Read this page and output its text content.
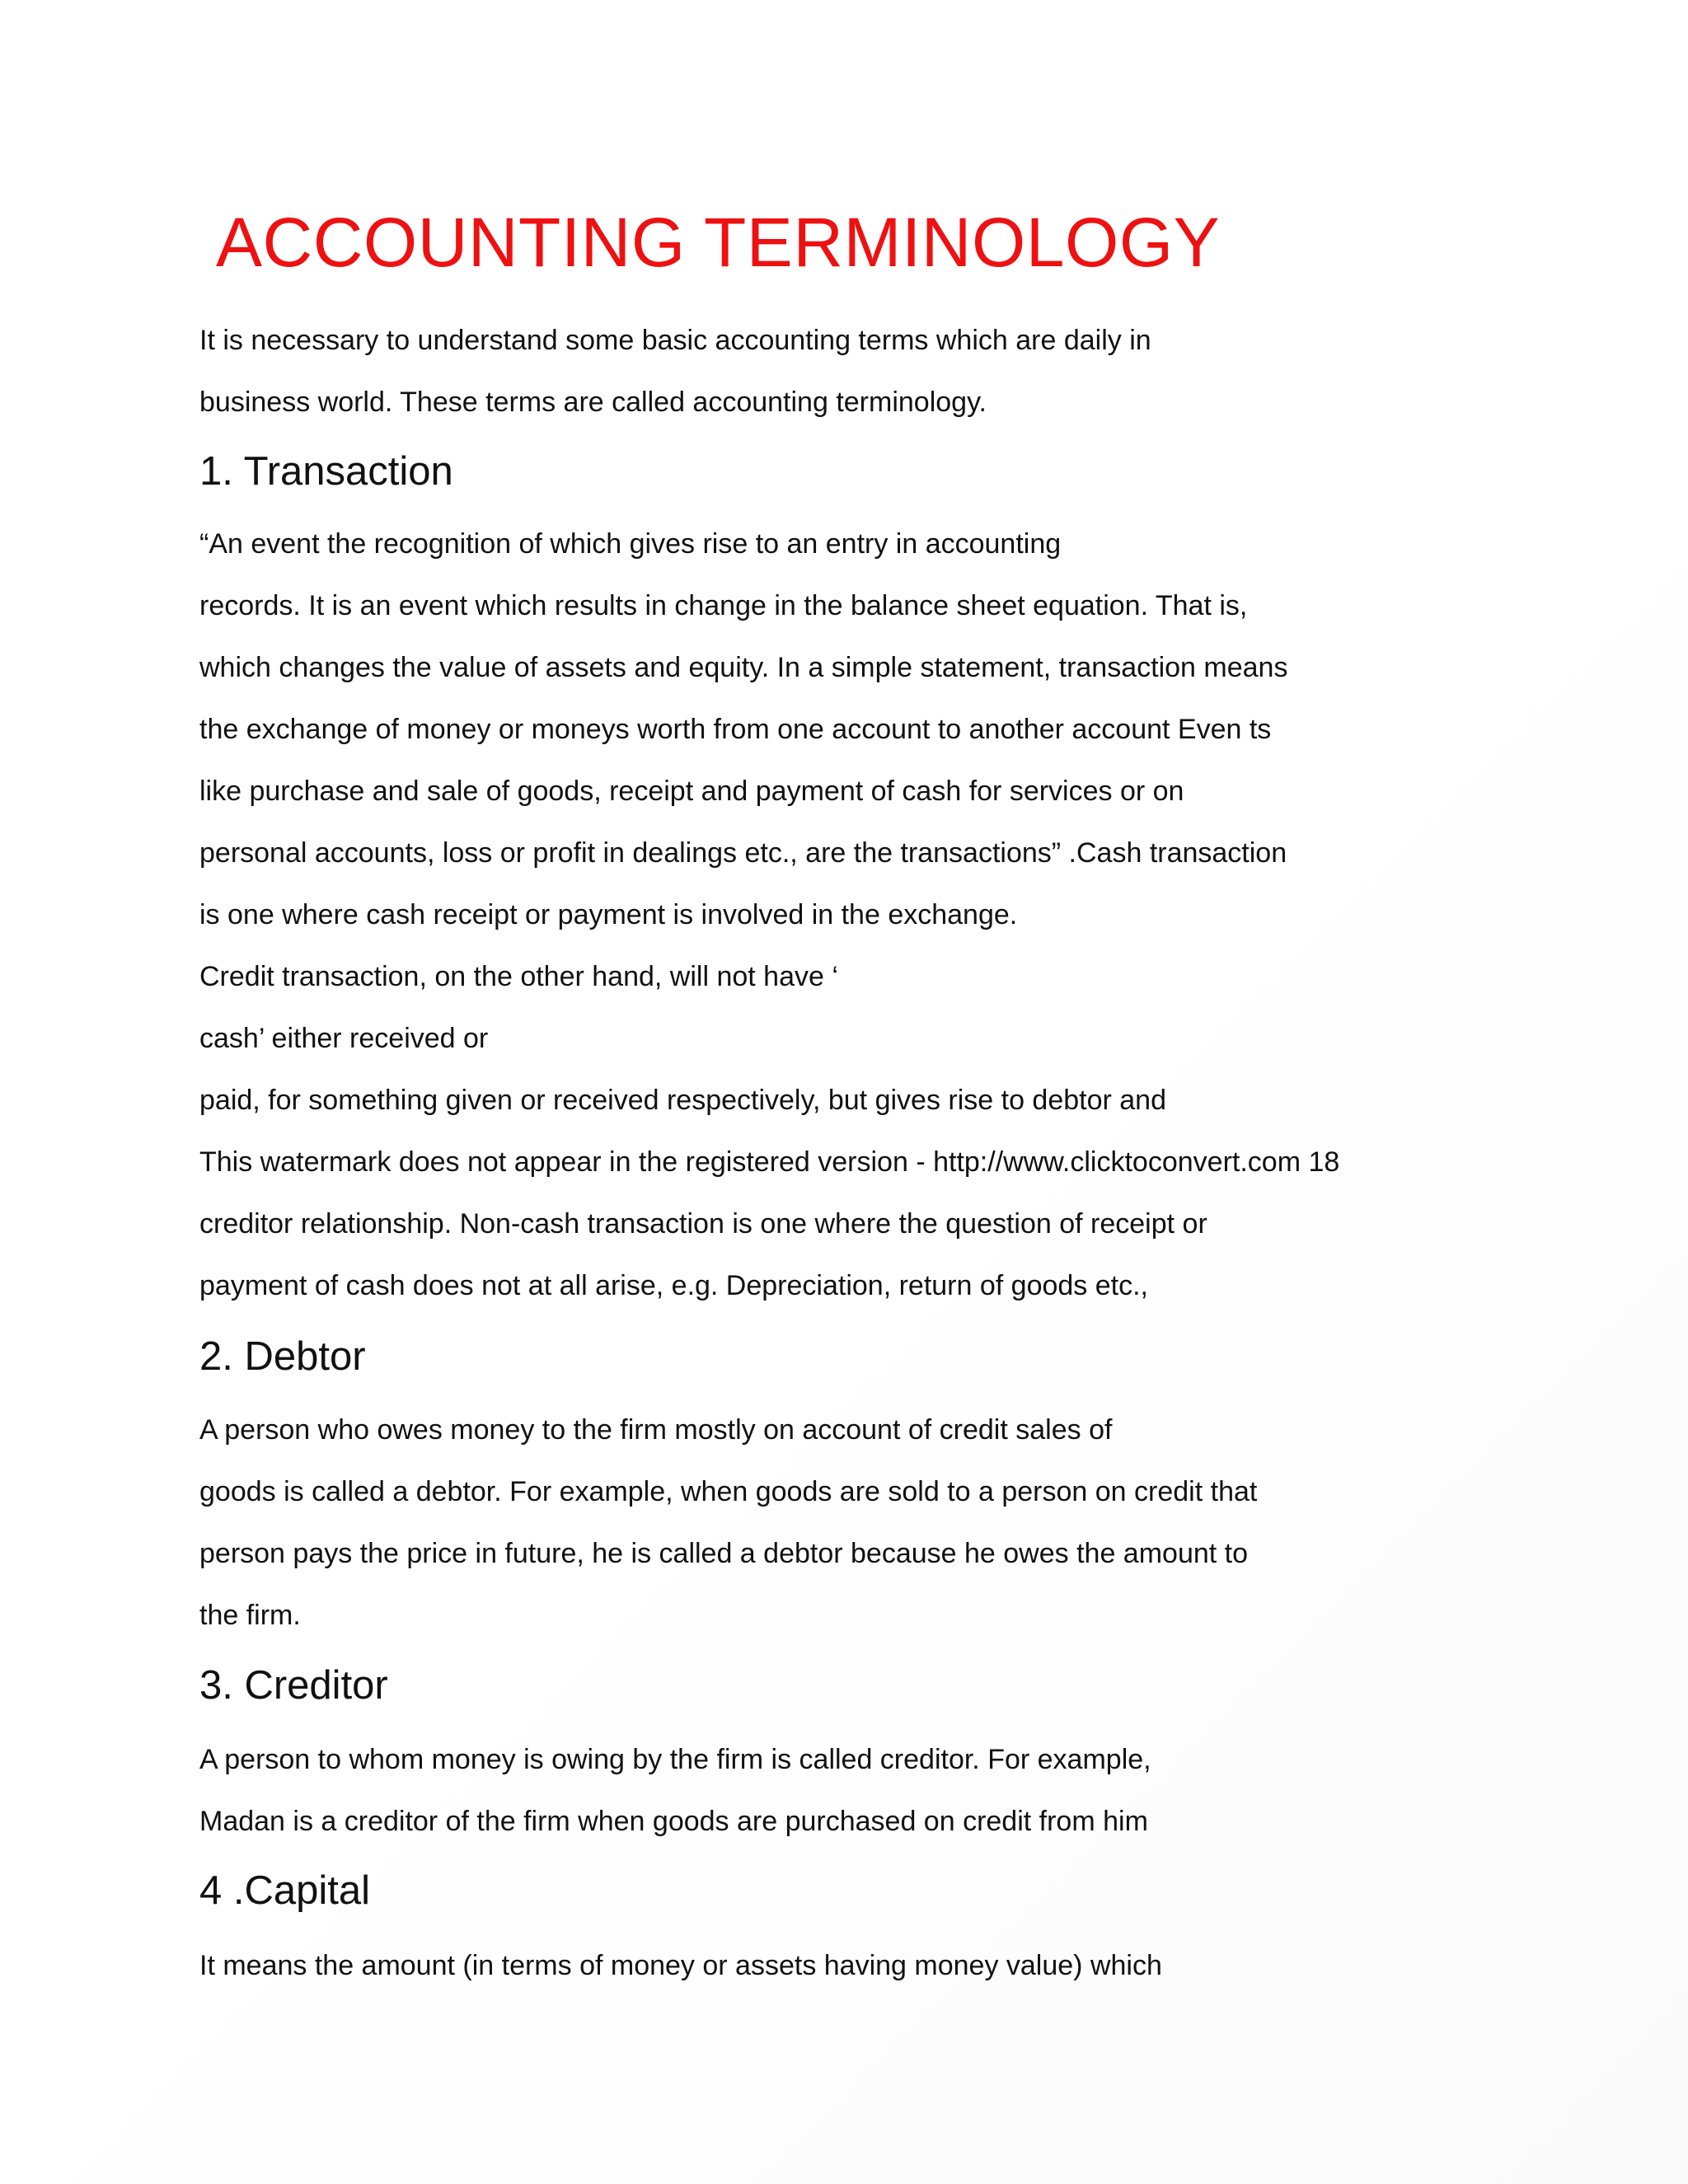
ACCOUNTING TERMINOLOGY

It is necessary to understand some basic accounting terms which are daily in

business world. These terms are called accounting terminology.

1. Transaction

“An event the recognition of which gives rise to an entry in accounting

records. It is an event which results in change in the balance sheet equation. That is,

which changes the value of assets and equity. In a simple statement, transaction means

the exchange of money or moneys worth from one account to another account Even ts

like purchase and sale of goods, receipt and payment of cash for services or on

personal accounts, loss or profit in dealings etc., are the transactions” .Cash transaction

is one where cash receipt or payment is involved in the exchange.

Credit transaction, on the other hand, will not have ‘

cash’ either received or

paid, for something given or received respectively, but gives rise to debtor and

This watermark does not appear in the registered version - http://www.clicktoconvert.com 18

creditor relationship. Non-cash transaction is one where the question of receipt or

payment of cash does not at all arise, e.g. Depreciation, return of goods etc.,

2. Debtor

A person who owes money to the firm mostly on account of credit sales of

goods is called a debtor. For example, when goods are sold to a person on credit that

person pays the price in future, he is called a debtor because he owes the amount to

the firm.

3. Creditor

A person to whom money is owing by the firm is called creditor. For example,

Madan is a creditor of the firm when goods are purchased on credit from him

4 .Capital

It means the amount (in terms of money or assets having money value) which
